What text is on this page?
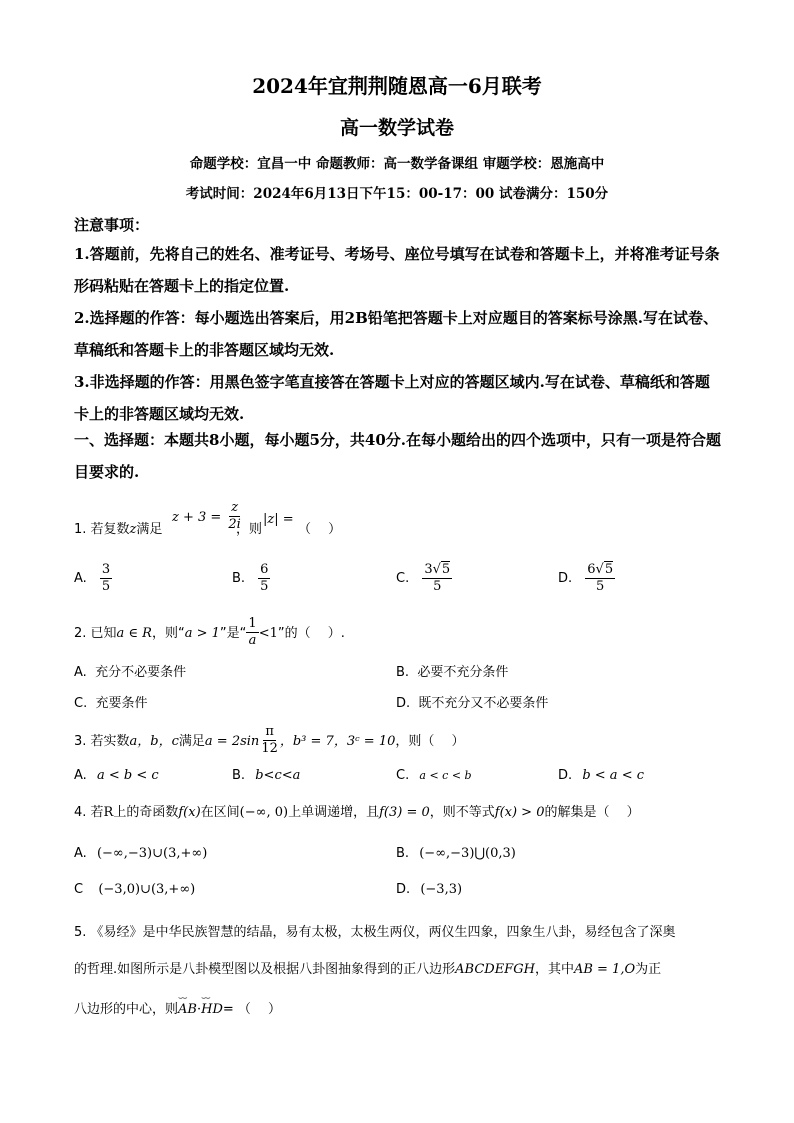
2024年宜荆荆随恩高一6月联考
高一数学试卷
命题学校：宜昌一中 命题教师：高一数学备课组 审题学校：恩施高中
考试时间：2024年6月13日下午15：00-17：00 试卷满分：150分
注意事项：
1.答题前，先将自己的姓名、准考证号、考场号、座位号填写在试卷和答题卡上，并将准考证号条形码粘贴在答题卡上的指定位置.
2.选择题的作答：每小题选出答案后，用2B铅笔把答题卡上对应题目的答案标号涂黑.写在试卷、草稿纸和答题卡上的非答题区域均无效.
3.非选择题的作答：用黑色签字笔直接答在答题卡上对应的答题区域内.写在试卷、草稿纸和答题卡上的非答题区域均无效.
一、选择题：本题共8小题，每小题5分，共40分.在每小题给出的四个选项中，只有一项是符合题目要求的.
1. 若复数z满足
$z + 3 = \frac{z}{2i}$
，则
|z| =
（　 ）
A. $\frac{3}{5}$	B. $\frac{6}{5}$	C. $\frac{3√5}{5}$	D. $\frac{6√5}{5}$
2. 已知a ∈ R，则“a > 1”是“ $\frac{1}{a} <1$”的（　 ）.
A. 充分不必要条件	B. 必要不充分条件
C. 充要条件	D. 既不充分又不必要条件
3. 若实数a，b，c满足$a = 2\sin \frac{\pi}{12}$ ，b³ = 7，3ᶜ = 10，则（　 ）
A. a < b < c	B. b<c<a	C. a < c < b	D. b < a < c
4. 若R上的奇函数f(x)在区间(−∞, 0)上单调递增，且f(3) = 0，则不等式f(x) > 0的解集是（　 ）
A. (−∞,−3)∪(3,+∞)	B. (−∞,−3)⋃(0,3)
C (−3,0)∪(3,+∞)	D. (−3,3)
5. 《易经》是中华民族智慧的结晶，易有太极，太极生两仪，两仪生四象，四象生八卦，易经包含了深奥
的哲理.如图所示是八卦模型图以及根据八卦图抽象得到的正八边形ABCDEFGH，其中AB = 1,O为正
八边形的中心，则⌣⌣ AB·⌣⌣ HD= （　 ）
